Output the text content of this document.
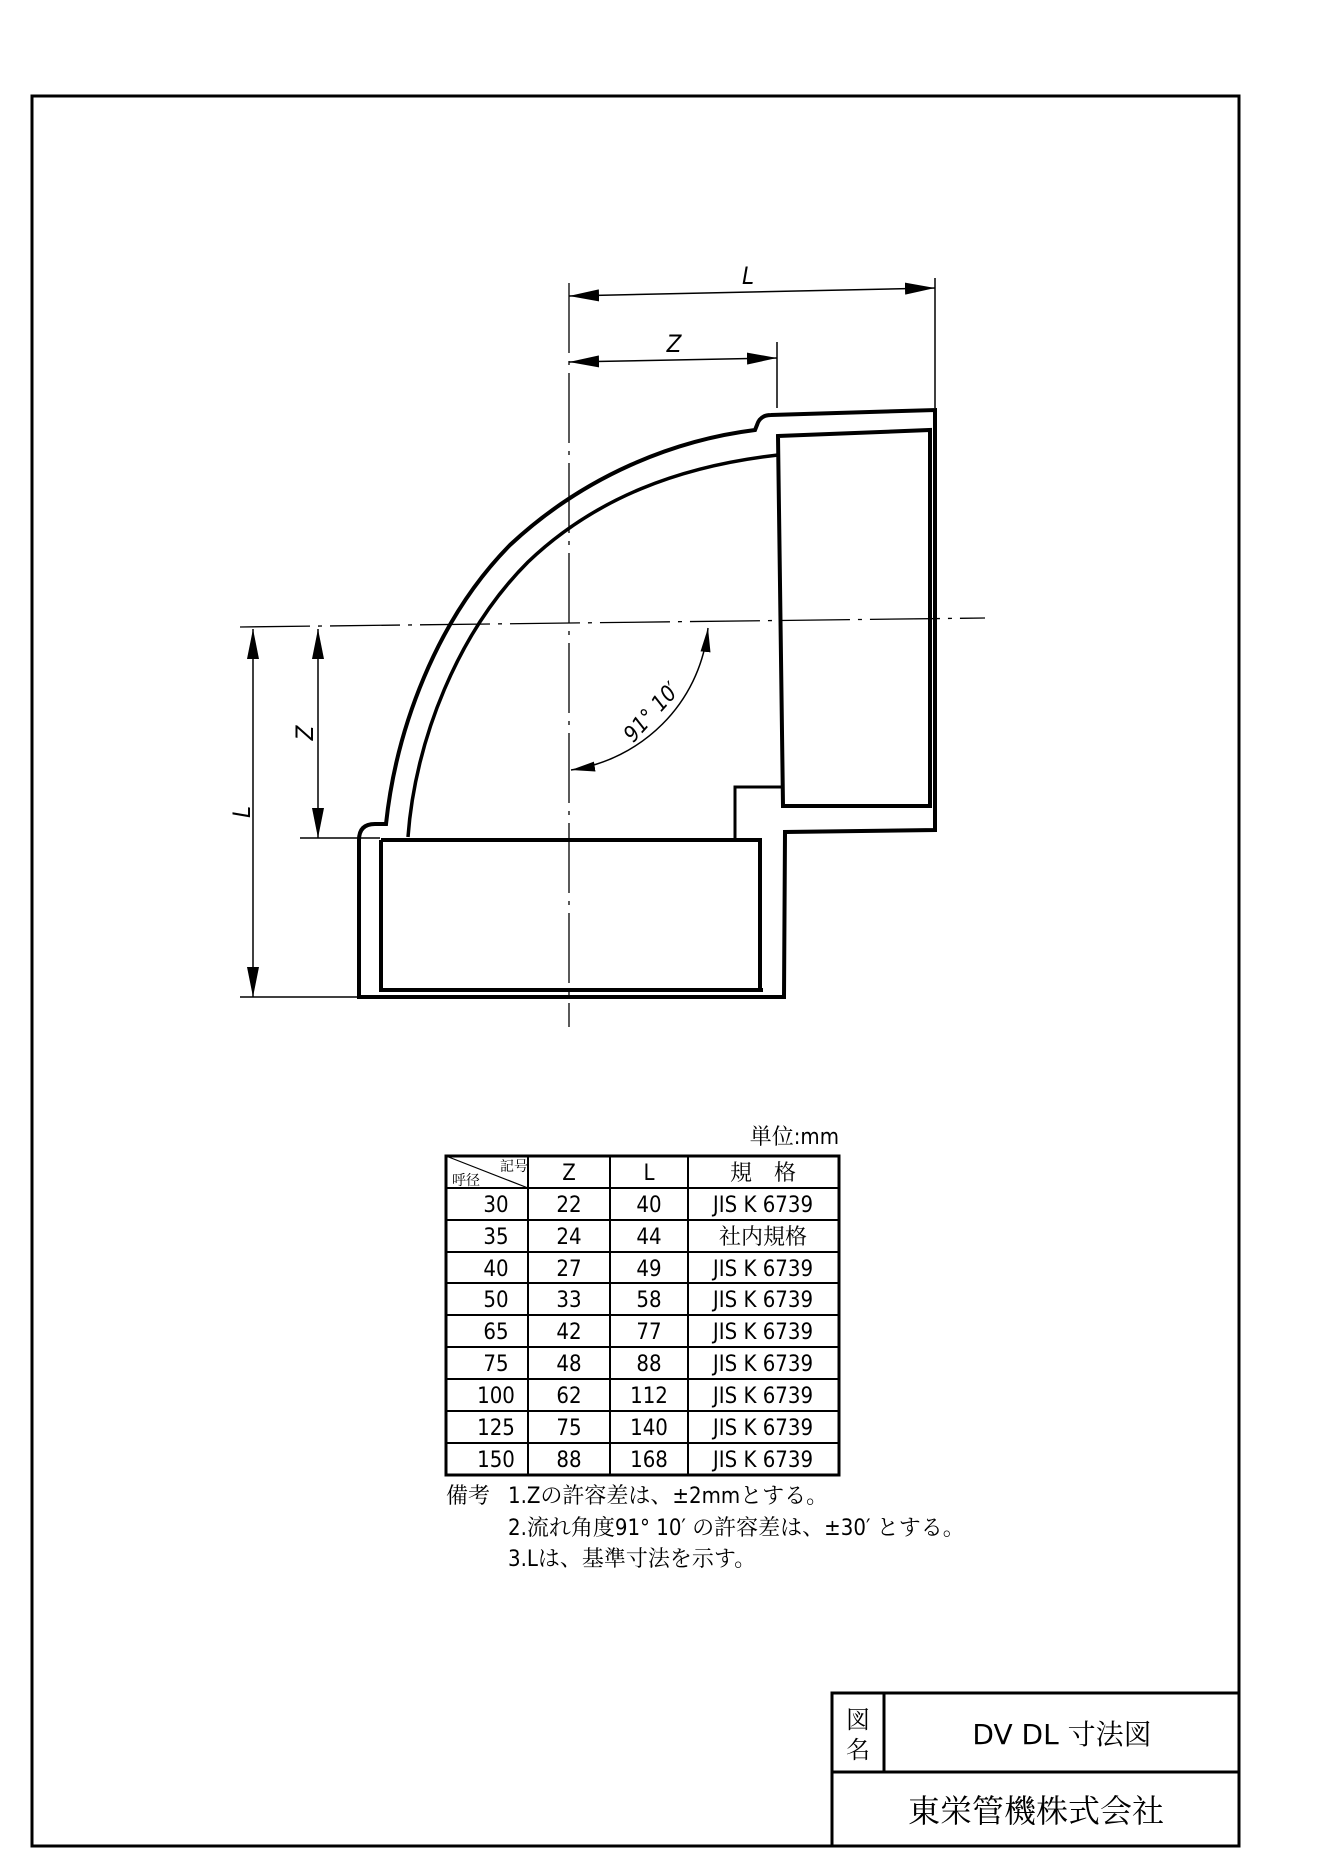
L
Z
L
Z	91° 10′
単位:mm
記号
呼径	Z	L	規　格
30 22 40 JIS K 6739
35 24 44	社内規格
40 27 49 JIS K 6739
50 33 58 JIS K 6739
65 42 77 JIS K 6739
75 48 88 JIS K 6739
100 62 112 JIS K 6739
125 75 140 JIS K 6739
150 88 168 JIS K 6739
備考 1.Zの許容差は、±2mmとする。
2.流れ角度91° 10′ の許容差は、±30′ とする。
3.Lは、基準寸法を示す。
図
名	DV DL 寸法図
東栄管機株式会社
